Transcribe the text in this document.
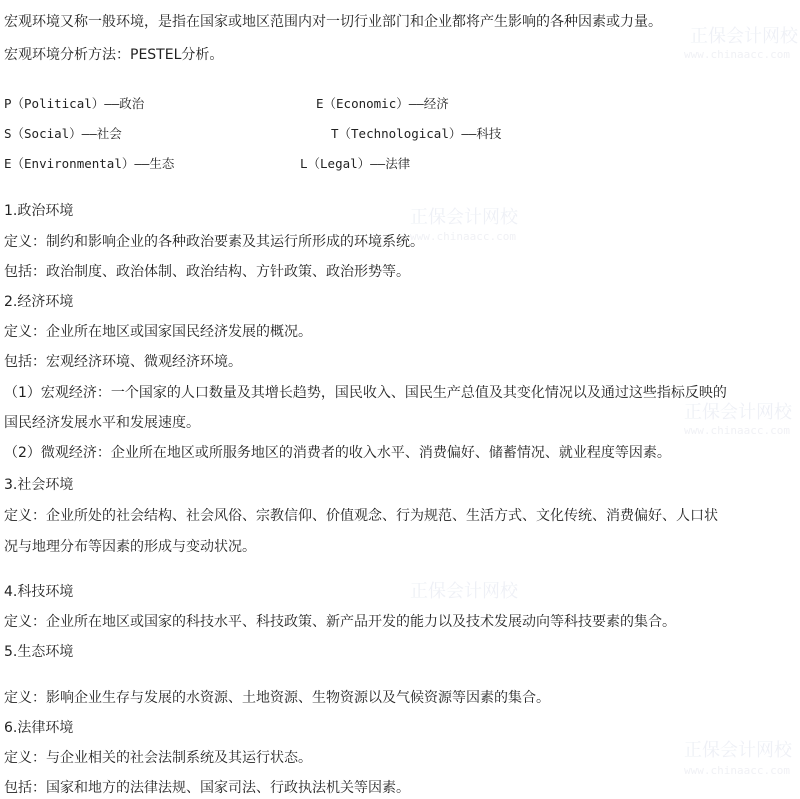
正保会计网校
www.chinaacc.com
正保会计网校
www.chinaacc.com
正保会计网校
www.chinaacc.com
正保会计网校
正保会计网校
www.chinaacc.com
宏观环境又称一般环境，是指在国家或地区范围内对一切行业部门和企业都将产生影响的各种因素或力量。
宏观环境分析方法：PESTEL分析。
P（Political）——政治	E（Economic）——经济
S（Social）——社会	T（Technological）——科技
E（Environmental）——生态	L（Legal）——法律
1.政治环境
定义：制约和影响企业的各种政治要素及其运行所形成的环境系统。
包括：政治制度、政治体制、政治结构、方针政策、政治形势等。
2.经济环境
定义：企业所在地区或国家国民经济发展的概况。
包括：宏观经济环境、微观经济环境。
（1）宏观经济：一个国家的人口数量及其增长趋势，国民收入、国民生产总值及其变化情况以及通过这些指标反映的
国民经济发展水平和发展速度。
（2）微观经济：企业所在地区或所服务地区的消费者的收入水平、消费偏好、储蓄情况、就业程度等因素。
3.社会环境
定义：企业所处的社会结构、社会风俗、宗教信仰、价值观念、行为规范、生活方式、文化传统、消费偏好、人口状
况与地理分布等因素的形成与变动状况。
4.科技环境
定义：企业所在地区或国家的科技水平、科技政策、新产品开发的能力以及技术发展动向等科技要素的集合。
5.生态环境
定义：影响企业生存与发展的水资源、土地资源、生物资源以及气候资源等因素的集合。
6.法律环境
定义：与企业相关的社会法制系统及其运行状态。
包括：国家和地方的法律法规、国家司法、行政执法机关等因素。
